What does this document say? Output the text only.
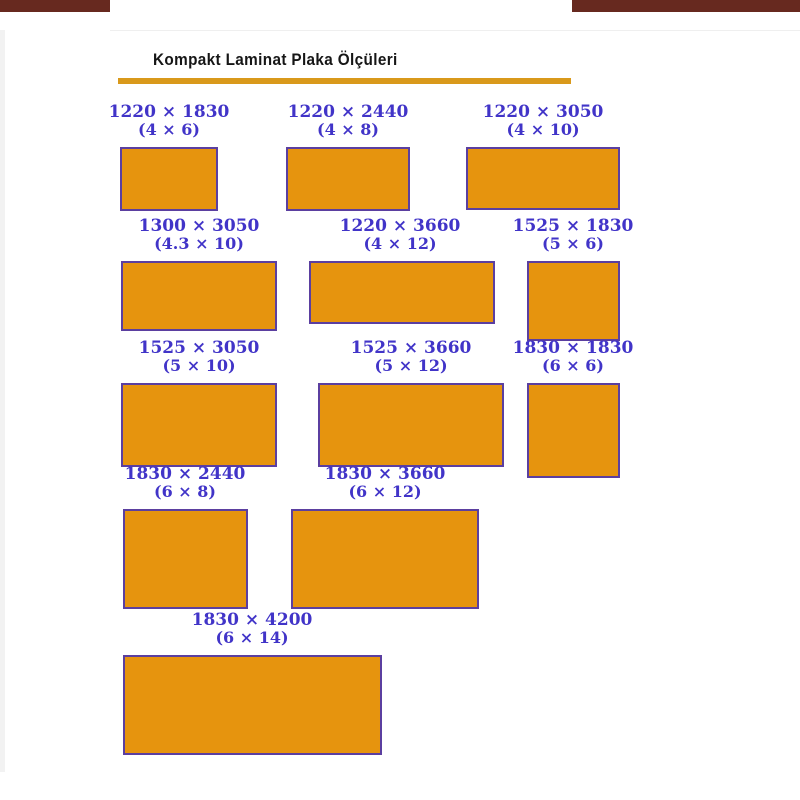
Kompakt Laminat Plaka Ölçüleri
1220 × 1830
(4 × 6)
1220 × 2440
(4 × 8)
1220 × 3050
(4 × 10)
1300 × 3050
(4.3 × 10)
1220 × 3660
(4 × 12)
1525 × 1830
(5 × 6)
1525 × 3050
(5 × 10)
1525 × 3660
(5 × 12)
1830 × 1830
(6 × 6)
1830 × 2440
(6 × 8)
1830 × 3660
(6 × 12)
1830 × 4200
(6 × 14)
